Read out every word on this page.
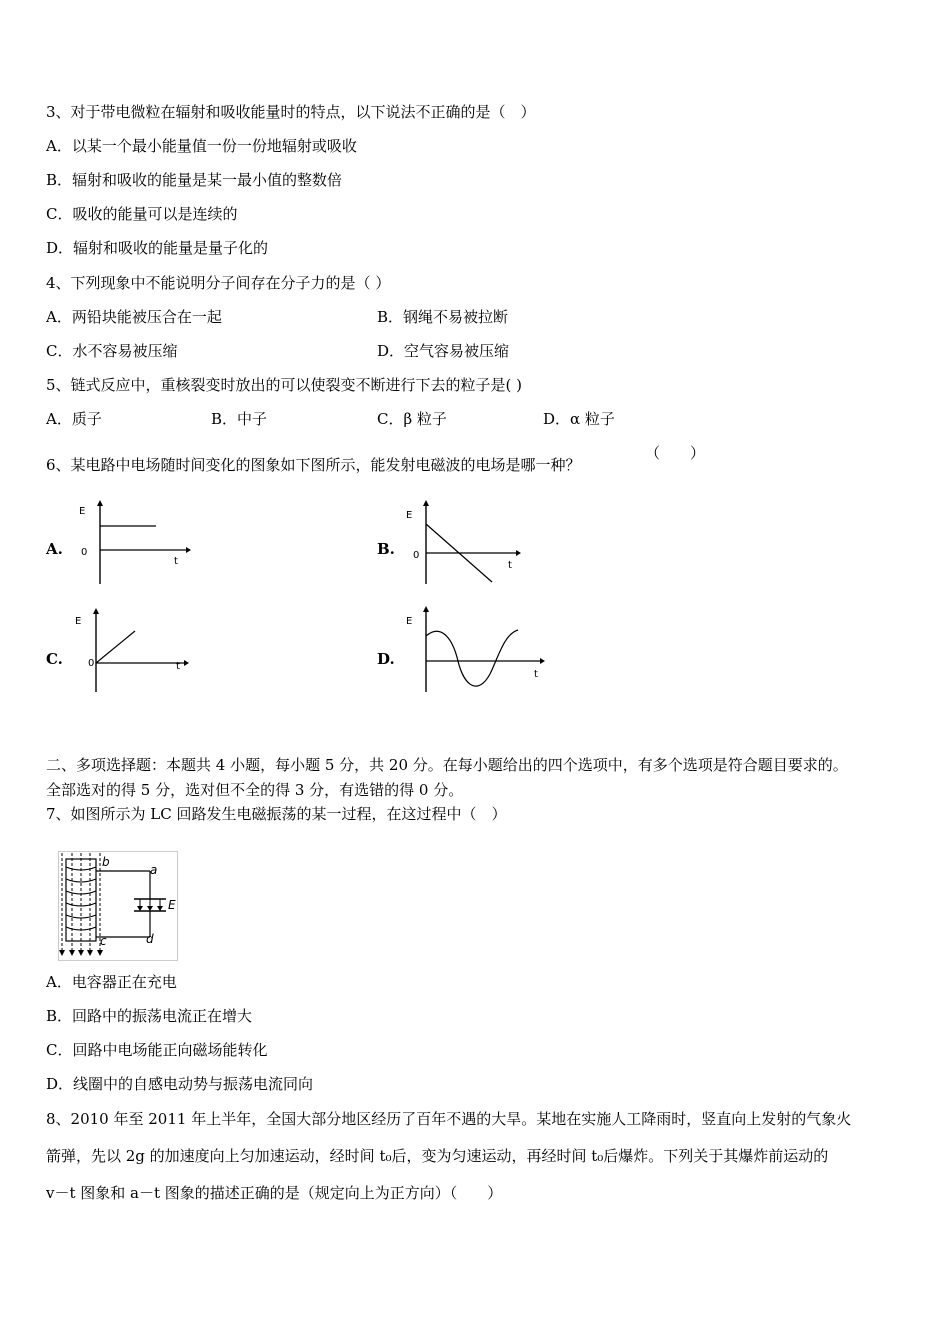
3、对于带电微粒在辐射和吸收能量时的特点，以下说法不正确的是（　）
A．以某一个最小能量值一份一份地辐射或吸收
B．辐射和吸收的能量是某一最小值的整数倍
C．吸收的能量可以是连续的
D．辐射和吸收的能量是量子化的
4、下列现象中不能说明分子间存在分子力的是（ ）
A．两铅块能被压合在一起	B．钢绳不易被拉断
C．水不容易被压缩	D．空气容易被压缩
5、链式反应中，重核裂变时放出的可以使裂变不断进行下去的粒子是( )
A．质子	B．中子	C．β 粒子	D．α 粒子
6、某电路中电场随时间变化的图象如下图所示，能发射电磁波的电场是哪一种？
（　　）
A.
E
0
t
B.
E
0
t
C.
E
0	t	D.
E
t
二、多项选择题：本题共 4 小题，每小题 5 分，共 20 分。在每小题给出的四个选项中，有多个选项是符合题目要求的。
全部选对的得 5 分，选对但不全的得 3 分，有选错的得 0 分。
7、如图所示为 LC 回路发生电磁振荡的某一过程，在这过程中（　）
b
a
E
c	d
A．电容器正在充电
B．回路中的振荡电流正在增大
C．回路中电场能正向磁场能转化
D．线圈中的自感电动势与振荡电流同向
8、2010 年至 2011 年上半年，全国大部分地区经历了百年不遇的大旱。某地在实施人工降雨时，竖直向上发射的气象火
箭弹，先以 2g 的加速度向上匀加速运动，经时间 t₀后，变为匀速运动，再经时间 t₀后爆炸。下列关于其爆炸前运动的
v－t 图象和 a－t 图象的描述正确的是（规定向上为正方向）（　　）
